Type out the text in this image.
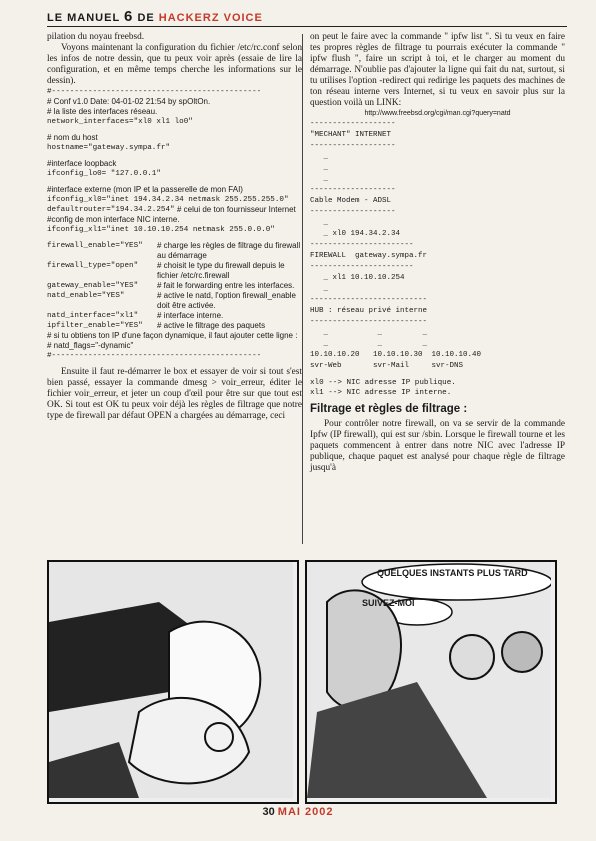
LE MANUEL 6 DE HACKERZ VOICE

pilation du noyau freebsd.

Voyons maintenant la configuration du fichier /etc/rc.conf selon les infos de notre dessin, que tu peux voir après (essaie de lire la configuration, et en même temps cherche les informations sur le dessin).

#----------------------------------------------
# Conf v1.0 Date: 04-01-02 21:54 by spOltOn.
# la liste des interfaces réseau.
network_interfaces="xl0 xl1 lo0"
# nom du host
hostname="gateway.sympa.fr"
#interface loopback
ifconfig_lo0= "127.0.0.1"
#interface externe (mon IP et la passerelle de mon FAI)
ifconfig_xl0="inet 194.34.2.34 netmask 255.255.255.0"
defaultrouter="194.34.2.254" # celui de ton fournisseur Internet
#config de mon interface NIC interne.
ifconfig_xl1="inet 10.10.10.254 netmask 255.0.0.0"
firewall_enable="YES"	# charge les règles de filtrage du firewall au démarrage
firewall_type="open"	# choisit le type du firewall depuis le fichier /etc/rc.firewall
gateway_enable="YES"	# fait le forwarding entre les interfaces.
natd_enable="YES"	# active le natd, l'option firewall_enable doit être activée.
natd_interface="xl1"	# interface interne.
ipfilter_enable="YES"	# active le filtrage des paquets
# si tu obtiens ton IP d'une façon dynamique, il faut ajouter cette ligne :
# natd_flags="-dynamic"
#----------------------------------------------

Ensuite il faut re-démarrer le box et essayer de voir si tout s'est bien passé, essayer la commande dmesg > voir_erreur, éditer le fichier voir_erreur, et jeter un coup d'œil pour être sur que tout est OK. Si tout est OK tu peux voir déjà les règles de filtrage que notre type de firewall par défaut OPEN a chargées au démarrage, ceci

on peut le faire avec la commande " ipfw list ". Si tu veux en faire tes propres règles de filtrage tu pourrais exécuter la commande " ipfw flush ", faire un script à toi, et le charger au moment du démarrage. N'oublie pas d'ajouter la ligne qui fait du nat, surtout, si tu utilises l'option -redirect qui redirige les paquets des machines de ton réseau interne vers Internet, si tu veux en savoir plus sur la question voilà un LINK:

http://www.freebsd.org/cgi/man.cgi?query=natd
-------------------
"MECHANT" INTERNET
-------------------
_
_
_
-------------------
Cable Modem - ADSL
-------------------
_
_ xl0 194.34.2.34
-----------------------
FIREWALL  gateway.sympa.fr
-----------------------
_ xl1 10.10.10.254
_
--------------------------
HUB : réseau privé interne
--------------------------
_           _         _
_           _         _
10.10.10.20   10.10.10.30  10.10.10.40
svr-Web       svr-Mail     svr-DNS
xl0 --> NIC adresse IP publique.
xl1 --> NIC adresse IP interne.
Filtrage et règles de filtrage :

Pour contrôler notre firewall, on va se servir de la commande Ipfw (IP firewall), qui est sur /sbin. Lorsque le firewall tourne et les paquets commencent à entrer dans notre NIC avec l'adresse IP publique, chaque paquet est analysé pour chaque règle de filtrage jusqu'à

QUELQUES INSTANTS PLUS TARD
SUIVEZ-MOI
30 MAI 2002
